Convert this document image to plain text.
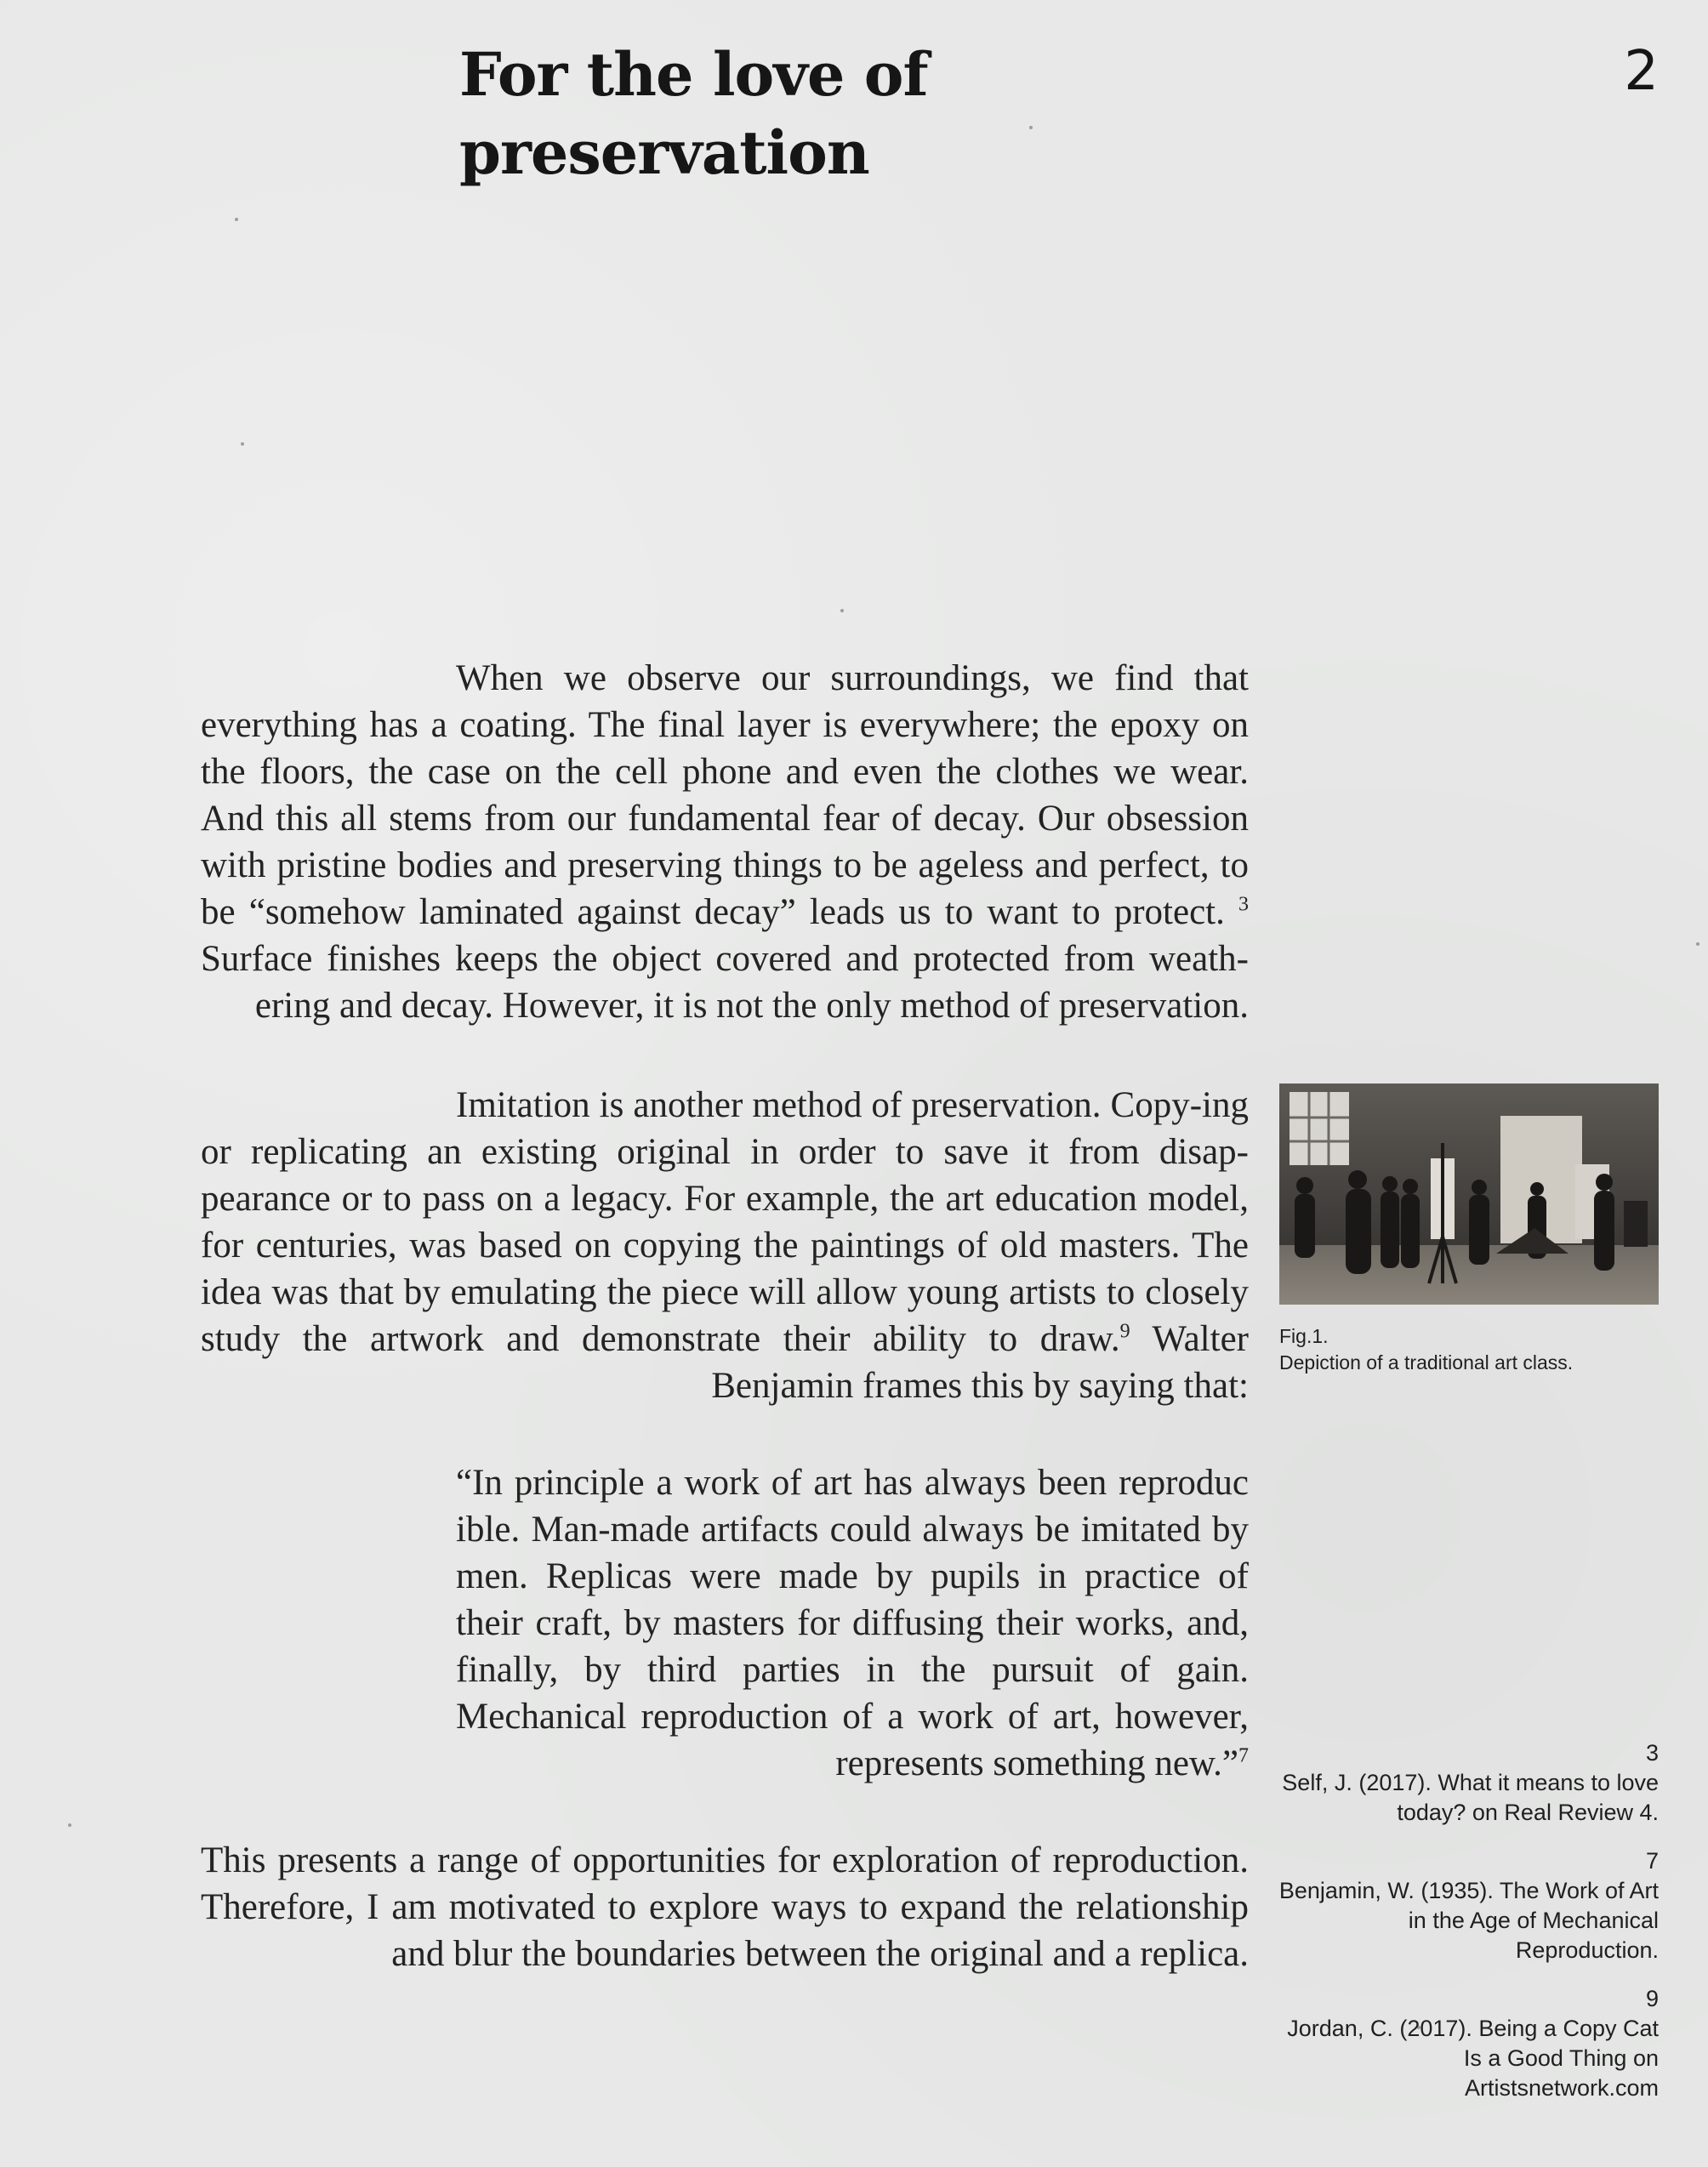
For the love of
preservation
2

When we observe our surroundings, we find that everything has a coating. The final layer is everywhere; the epoxy on the floors, the case on the cell phone and even the clothes we wear. And this all stems from our fundamental fear of decay. Our obsession with pristine bodies and preserving things to be ageless and perfect, to be “somehow laminated against decay” leads us to want to protect. $^3$ Surface finishes keeps the object covered and protected from weath-ering and decay. However, it is not the only method of preservation.

Imitation is another method of preservation. Copy-ing or replicating an existing original in order to save it from disap-pearance or to pass on a legacy. For example, the art education model, for centuries, was based on copying the paintings of old masters. The idea was that by emulating the piece will allow young artists to closely study the artwork and demonstrate their ability to draw.$^9$ Walter Benjamin frames this by saying that:

“In principle a work of art has always been reproduc ible. Man-made artifacts could always be imitated by men. Replicas were made by pupils in practice of their craft, by masters for diffusing their works, and, finally, by third parties in the pursuit of gain. Mechanical reproduction of a work of art, however, represents something new.”$^7$

This presents a range of opportunities for exploration of reproduction. Therefore, I am motivated to explore ways to expand the relationship and blur the boundaries between the original and a replica.

Fig.1.
Depiction of a traditional art class.
3
Self, J. (2017). What it means to love today? on Real Review 4.
7
Benjamin, W. (1935). The Work of Art in the Age of Mechanical Reproduction.
9
Jordan, C. (2017). Being a Copy Cat Is a Good Thing on Artistsnetwork.com
